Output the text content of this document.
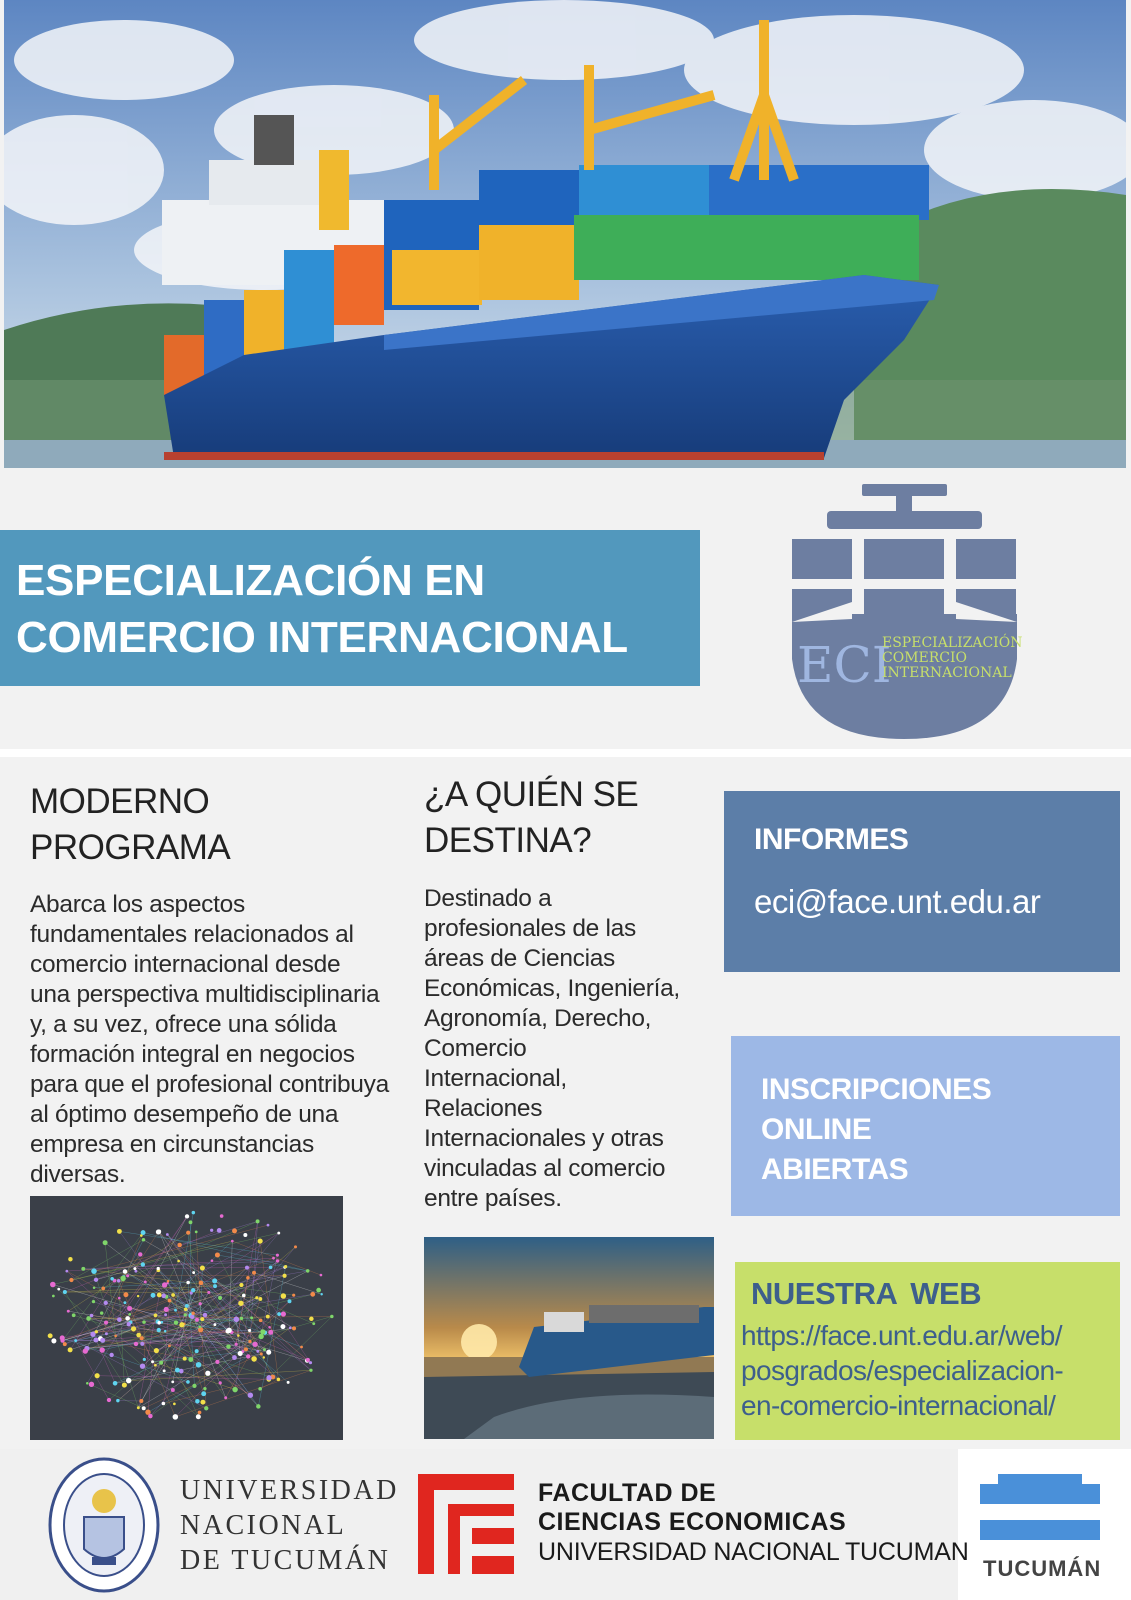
ESPECIALIZACIÓN EN
COMERCIO INTERNACIONAL	ECI
ESPECIALIZACIÓN
COMERCIO
INTERNACIONAL
MODERNO
PROGRAMA
Abarca los aspectos
fundamentales relacionados al
comercio internacional desde
una perspectiva multidisciplinaria
y, a su vez, ofrece una sólida
formación integral en negocios
para que el profesional contribuya
al óptimo desempeño de una
empresa en circunstancias
diversas.
¿A QUIÉN SE
DESTINA?
Destinado a
profesionales de las
áreas de Ciencias
Económicas, Ingeniería,
Agronomía, Derecho,
Comercio
Internacional,
Relaciones
Internacionales y otras
vinculadas al comercio
entre países.
INFORMES
eci@face.unt.edu.ar
INSCRIPCIONES
ONLINE
ABIERTAS
NUESTRA WEB
https://face.unt.edu.ar/web/
posgrados/especializacion-
en-comercio-internacional/
UNIVERSIDAD
NACIONAL
DE TUCUMÁN
FACULTAD DE
CIENCIAS ECONOMICAS
UNIVERSIDAD NACIONAL TUCUMAN
TUCUMÁN
